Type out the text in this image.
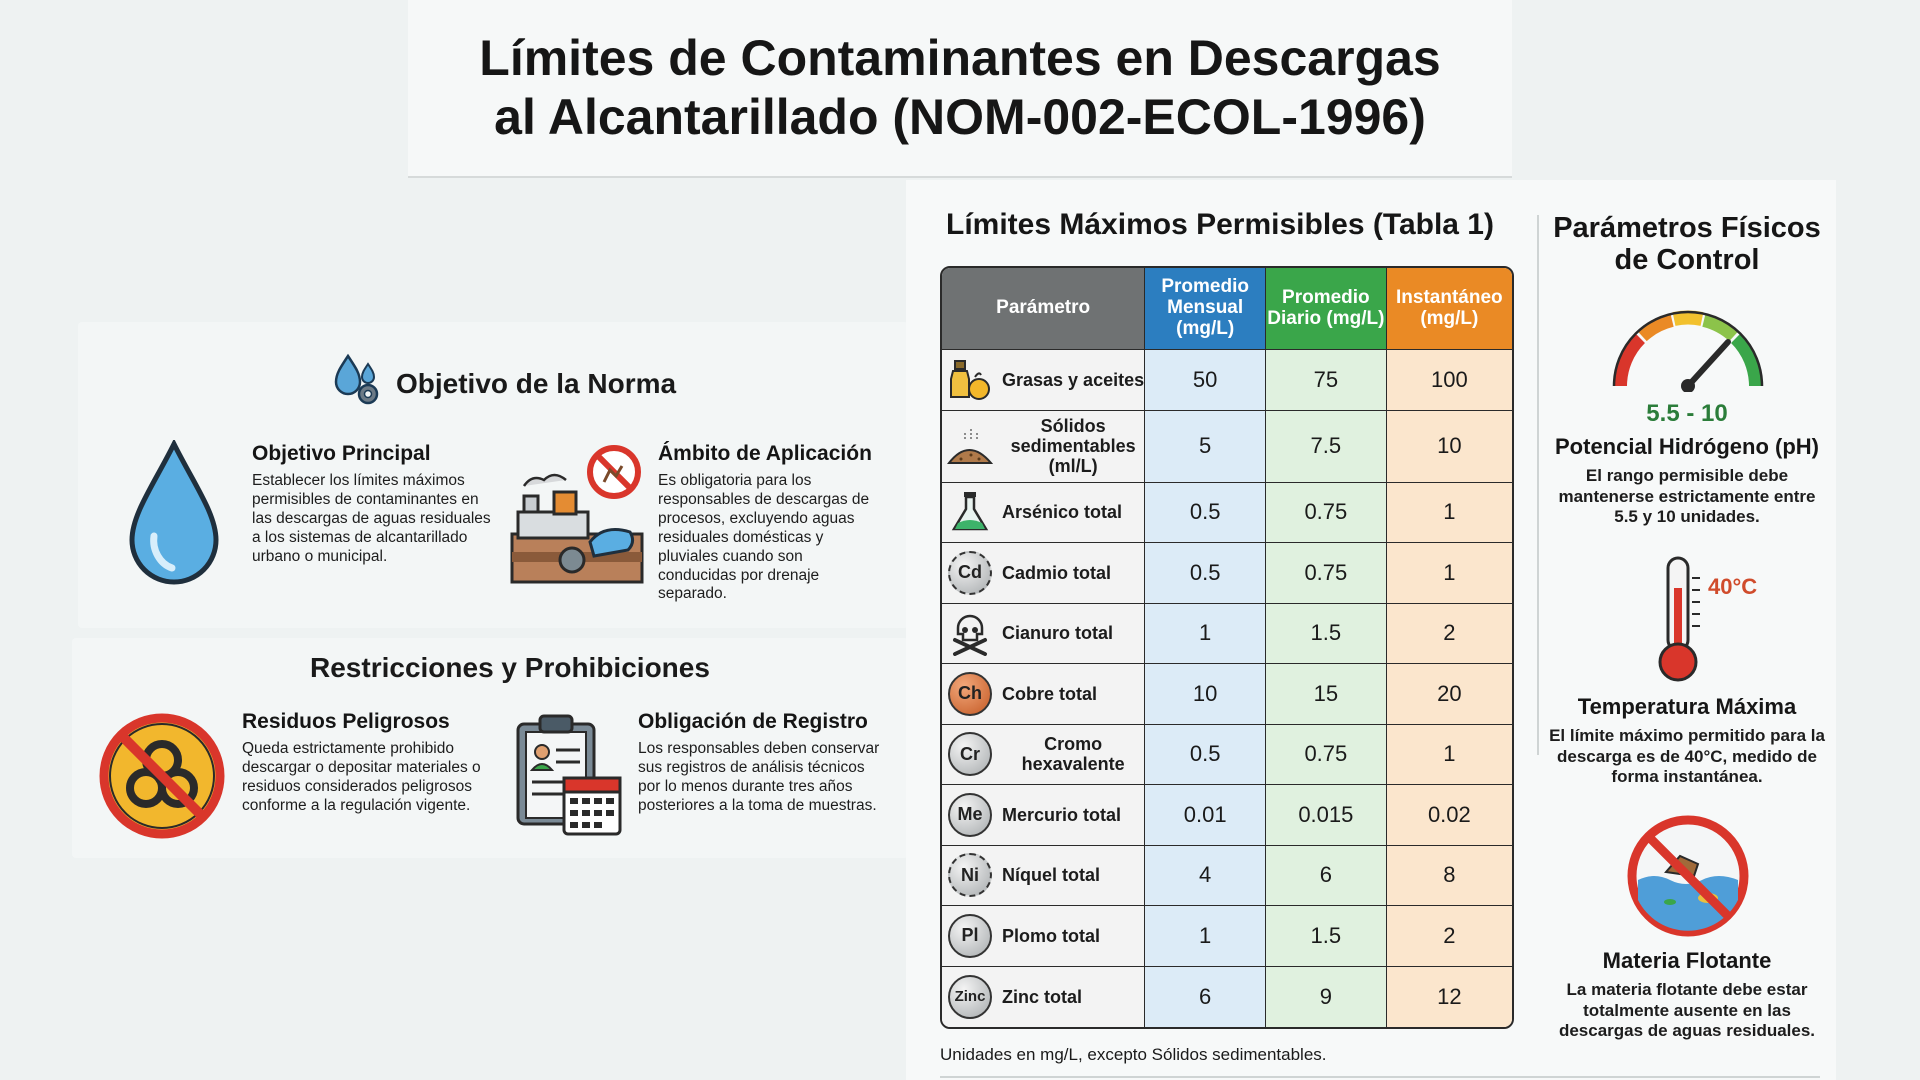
Límites de Contaminantes en Descargas
al Alcantarillado (NOM-002-ECOL-1996)
Objetivo de la Norma
Objetivo Principal

Establecer los límites máximos permisibles de contaminantes en las descargas de aguas residuales a los sistemas de alcantarillado urbano o municipal.

Ámbito de Aplicación

Es obligatoria para los responsables de descargas de procesos, excluyendo aguas residuales domésticas y pluviales cuando son conducidas por drenaje separado.

Restricciones y Prohibiciones
Residuos Peligrosos

Queda estrictamente prohibido descargar o depositar materiales o residuos considerados peligrosos conforme a la regulación vigente.

Obligación de Registro

Los responsables deben conservar sus registros de análisis técnicos por lo menos durante tres años posteriores a la toma de muestras.

Límites Máximos Permisibles (Tabla 1)
Parámetro	Promedio Mensual (mg/L)	Promedio Diario (mg/L)	Instantáneo (mg/L)

Grasas y aceites	50	75	100

Sólidos sedimentables (ml/L)	5	7.5	10

Arsénico total	0.5	0.75	1

Cd Cadmio total	0.5	0.75	1

Cianuro total	1	1.5	2

Ch Cobre total	10	15	20

Cr Cromo hexavalente	0.5	0.75	1

Me Mercurio total	0.01	0.015	0.02

Ni Níquel total	4	6	8

Pl Plomo total	1	1.5	2

Zinc Zinc total	6	9	12
Unidades en mg/L, excepto Sólidos sedimentables.
Parámetros Físicos de Control
5.5 - 10
Potencial Hidrógeno (pH)

El rango permisible debe mantenerse estrictamente entre 5.5 y 10 unidades.

40°C
Temperatura Máxima

El límite máximo permitido para la descarga es de 40°C, medido de forma instantánea.

Materia Flotante

La materia flotante debe estar totalmente ausente en las descargas de aguas residuales.
